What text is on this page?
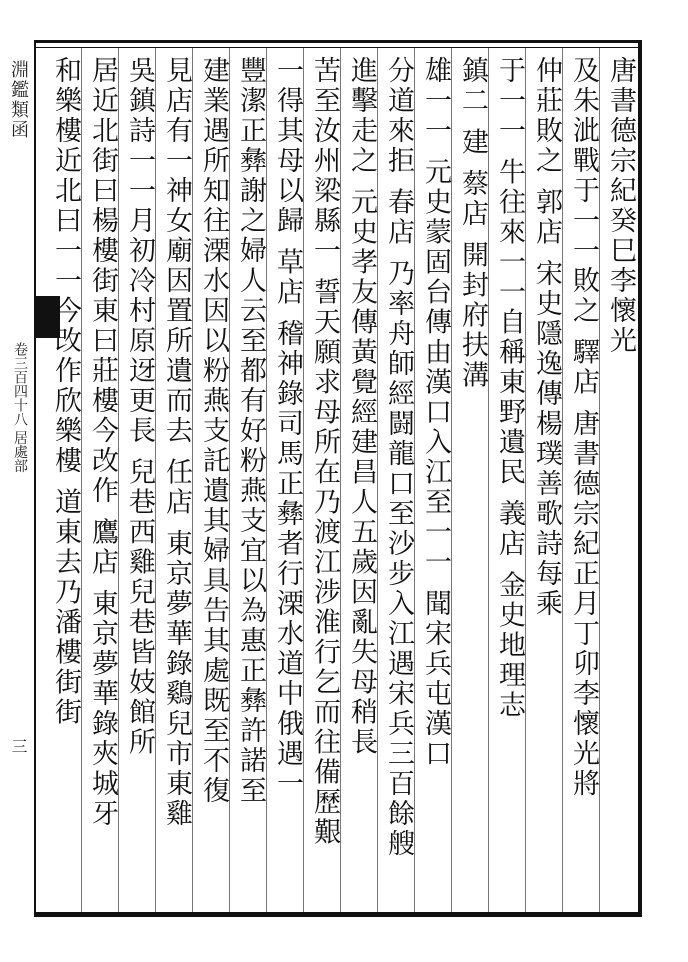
淵鑑類函
卷三百四十八 居處部
三
唐書德宗紀癸巳李懷光
及朱泚戰于一一敗之 驛店 唐書德宗紀正月丁卯李懷光將
仲莊敗之 郭店 宋史隱逸傳楊璞善歌詩每乘
于一一 牛往來一一自稱東野遺民 義店 金史地理志
鎮二 建 蔡店 開封府扶溝
雄一一 元史蒙固台傳由漢口入江至一一 聞宋兵屯漢口
分道來拒 春店 乃率舟師經闘龍口至沙步入江遇宋兵三百餘艘
進擊走之 元史孝友傳黃覺經建昌人五歲因亂失母稍長
苦至汝州梁縣一 誓天願求母所在乃渡江涉淮行乞而往備歷艱
一得其母以歸 草店 稽神錄司馬正彝者行溧水道中俄遇一
豐潔正彝謝之婦人云至都有好粉燕支宜以為惠正彝許諾至
建業遇所知往溧水因以粉燕支託遺其婦具告其處既至不復
見店有一神女廟因置所遺而去 任店 東京夢華錄鷄兒市東雞
吳鎮詩一一月初冷村原迓更長 兒巷西雞兒巷皆妓館所
居近北街曰楊樓街東曰莊樓今改作 鷹店 東京夢華錄夾城牙
和樂樓近北曰一一今改作欣樂樓 道東去乃潘樓街街
